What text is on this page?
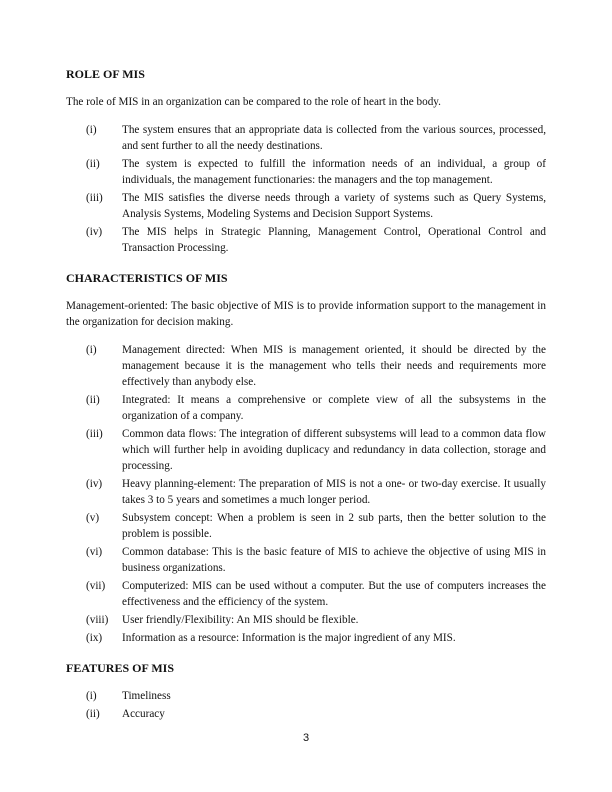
ROLE OF MIS

The role of MIS in an organization can be compared to the role of heart in the body.

(i)	The system ensures that an appropriate data is collected from the various sources, processed, and sent further to all the needy destinations.
(ii)	The system is expected to fulfill the information needs of an individual, a group of individuals, the management functionaries: the managers and the top management.
(iii)	The MIS satisfies the diverse needs through a variety of systems such as Query Systems, Analysis Systems, Modeling Systems and Decision Support Systems.
(iv)	The MIS helps in Strategic Planning, Management Control, Operational Control and Transaction Processing.
CHARACTERISTICS OF MIS

Management-oriented: The basic objective of MIS is to provide information support to the management in the organization for decision making.

(i)	Management directed: When MIS is management oriented, it should be directed by the management because it is the management who tells their needs and requirements more effectively than anybody else.
(ii)	Integrated: It means a comprehensive or complete view of all the subsystems in the organization of a company.
(iii)	Common data flows: The integration of different subsystems will lead to a common data flow which will further help in avoiding duplicacy and redundancy in data collection, storage and processing.
(iv)	Heavy planning-element: The preparation of MIS is not a one- or two-day exercise. It usually takes 3 to 5 years and sometimes a much longer period.
(v)	Subsystem concept: When a problem is seen in 2 sub parts, then the better solution to the problem is possible.
(vi)	Common database: This is the basic feature of MIS to achieve the objective of using MIS in business organizations.
(vii)	Computerized: MIS can be used without a computer. But the use of computers increases the effectiveness and the efficiency of the system.
(viii)	User friendly/Flexibility: An MIS should be flexible.
(ix)	Information as a resource: Information is the major ingredient of any MIS.
FEATURES OF MIS
(i)	Timeliness
(ii)	Accuracy
3
